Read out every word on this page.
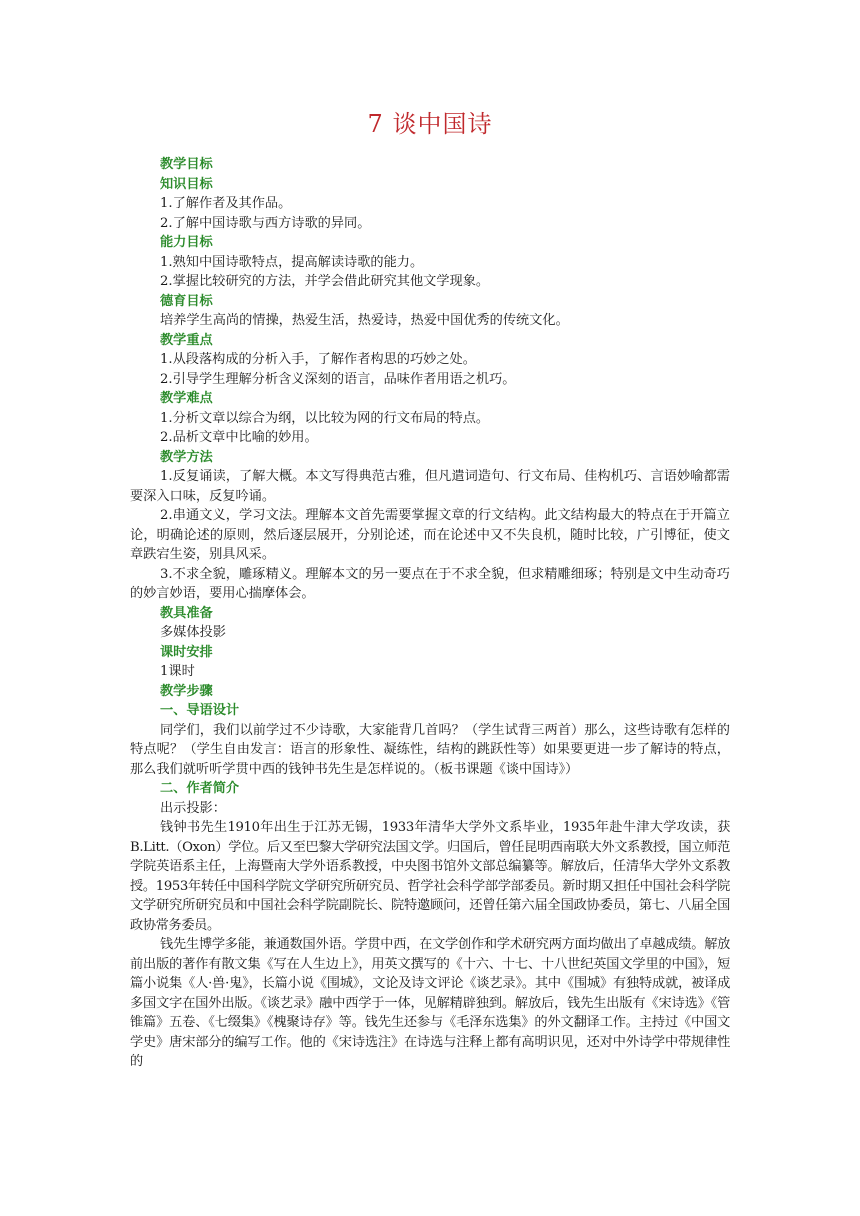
7 谈中国诗

教学目标

知识目标

1.了解作者及其作品。

2.了解中国诗歌与西方诗歌的异同。

能力目标

1.熟知中国诗歌特点，提高解读诗歌的能力。

2.掌握比较研究的方法，并学会借此研究其他文学现象。

德育目标

培养学生高尚的情操，热爱生活，热爱诗，热爱中国优秀的传统文化。

教学重点

1.从段落构成的分析入手，了解作者构思的巧妙之处。

2.引导学生理解分析含义深刻的语言，品味作者用语之机巧。

教学难点

1.分析文章以综合为纲，以比较为网的行文布局的特点。

2.品析文章中比喻的妙用。

教学方法

1.反复诵读，了解大概。本文写得典范古雅，但凡遣词造句、行文布局、佳构机巧、言语妙喻都需要深入口味，反复吟诵。

2.串通文义，学习文法。理解本文首先需要掌握文章的行文结构。此文结构最大的特点在于开篇立论，明确论述的原则，然后逐层展开，分别论述，而在论述中又不失良机，随时比较，广引博征，使文章跌宕生姿，别具风采。

3.不求全貌，雕琢精义。理解本文的另一要点在于不求全貌，但求精雕细琢；特别是文中生动奇巧的妙言妙语，要用心揣摩体会。

教具准备

多媒体投影

课时安排

1课时

教学步骤

一、导语设计

同学们，我们以前学过不少诗歌，大家能背几首吗？（学生试背三两首）那么，这些诗歌有怎样的特点呢？（学生自由发言：语言的形象性、凝练性，结构的跳跃性等）如果要更进一步了解诗的特点，那么我们就听听学贯中西的钱钟书先生是怎样说的。（板书课题《谈中国诗》）

二、作者简介

出示投影：

钱钟书先生1910年出生于江苏无锡，1933年清华大学外文系毕业，1935年赴牛津大学攻读，获B.Litt.（Oxon）学位。后又至巴黎大学研究法国文学。归国后，曾任昆明西南联大外文系教授，国立师范学院英语系主任，上海暨南大学外语系教授，中央图书馆外文部总编纂等。解放后，任清华大学外文系教授。1953年转任中国科学院文学研究所研究员、哲学社会科学部学部委员。新时期又担任中国社会科学院文学研究所研究员和中国社会科学院副院长、院特邀顾问，还曾任第六届全国政协委员，第七、八届全国政协常务委员。

钱先生博学多能，兼通数国外语。学贯中西，在文学创作和学术研究两方面均做出了卓越成绩。解放前出版的著作有散文集《写在人生边上》，用英文撰写的《十六、十七、十八世纪英国文学里的中国》，短篇小说集《人·兽·鬼》，长篇小说《围城》，文论及诗文评论《谈艺录》。其中《围城》有独特成就，被译成多国文字在国外出版。《谈艺录》融中西学于一体，见解精辟独到。解放后，钱先生出版有《宋诗选》《管锥篇》五卷、《七缀集》《槐聚诗存》等。钱先生还参与《毛泽东选集》的外文翻译工作。主持过《中国文学史》唐宋部分的编写工作。他的《宋诗选注》在诗选与注释上都有高明识见，还对中外诗学中带规律性的
